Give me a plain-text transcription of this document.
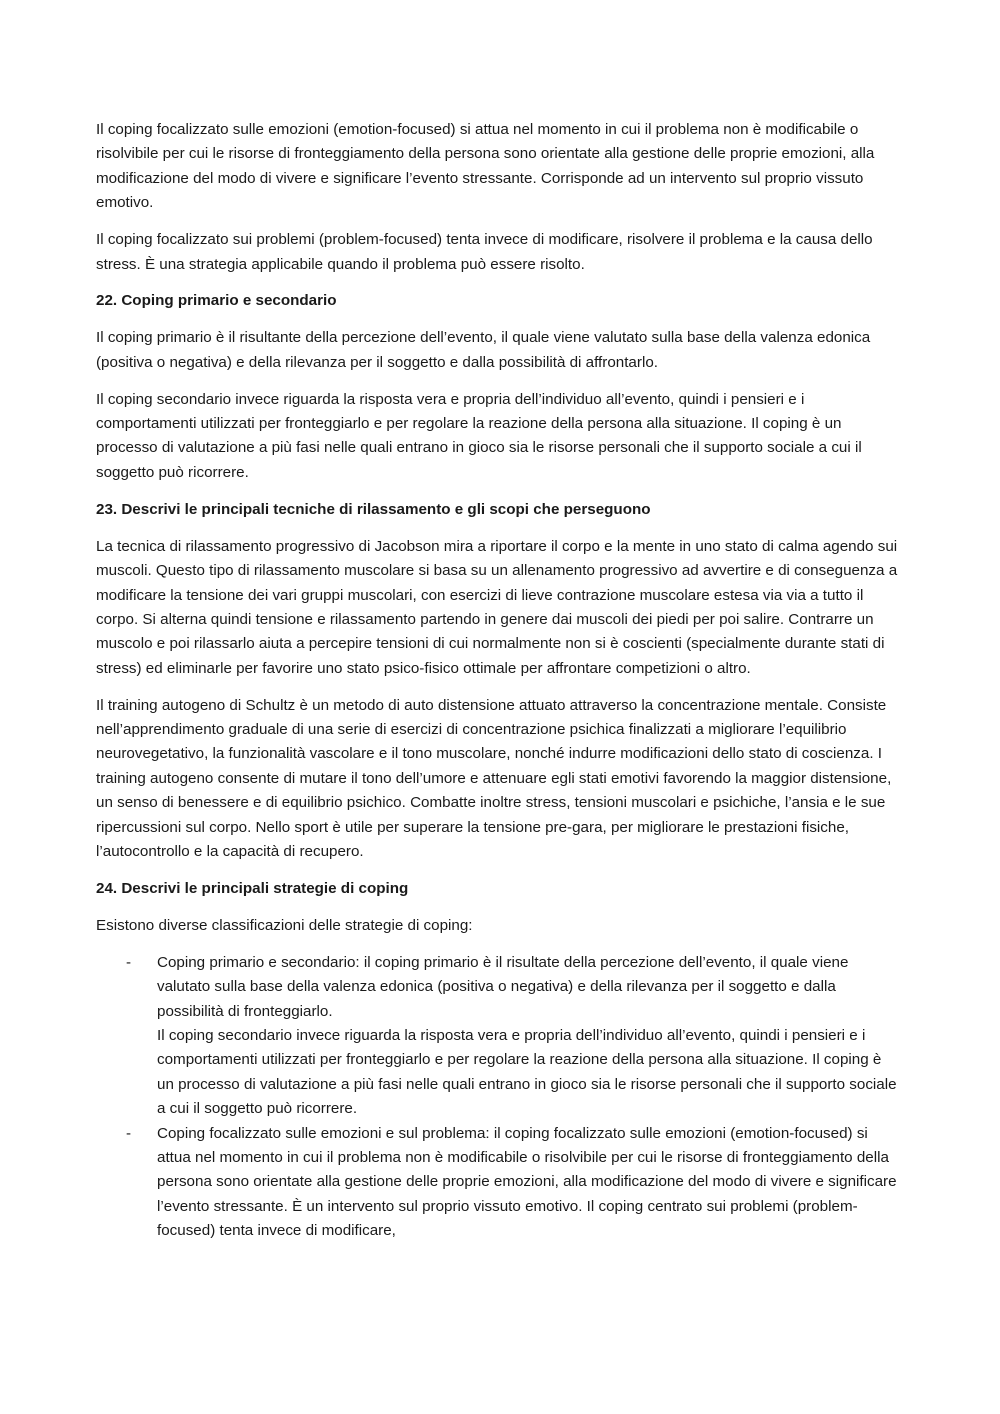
Il coping focalizzato sulle emozioni (emotion-focused) si attua nel momento in cui il problema non è modificabile o risolvibile per cui le risorse di fronteggiamento della persona sono orientate alla gestione delle proprie emozioni, alla modificazione del modo di vivere e significare l’evento stressante. Corrisponde ad un intervento sul proprio vissuto emotivo.

Il coping focalizzato sui problemi (problem-focused) tenta invece di modificare, risolvere il problema e la causa dello stress. È una strategia applicabile quando il problema può essere risolto.

22. Coping primario e secondario

Il coping primario è il risultante della percezione dell’evento, il quale viene valutato sulla base della valenza edonica (positiva o negativa) e della rilevanza per il soggetto e dalla possibilità di affrontarlo.

Il coping secondario invece riguarda la risposta vera e propria dell’individuo all’evento, quindi i pensieri e i comportamenti utilizzati per fronteggiarlo e per regolare la reazione della persona alla situazione. Il coping è un processo di valutazione a più fasi nelle quali entrano in gioco sia le risorse personali che il supporto sociale a cui il soggetto può ricorrere.

23. Descrivi le principali tecniche di rilassamento e gli scopi che perseguono

La tecnica di rilassamento progressivo di Jacobson mira a riportare il corpo e la mente in uno stato di calma agendo sui muscoli. Questo tipo di rilassamento muscolare si basa su un allenamento progressivo ad avvertire e di conseguenza a modificare la tensione dei vari gruppi muscolari, con esercizi di lieve contrazione muscolare estesa via via a tutto il corpo. Si alterna quindi tensione e rilassamento partendo in genere dai muscoli dei piedi per poi salire. Contrarre un muscolo e poi rilassarlo aiuta a percepire tensioni di cui normalmente non si è coscienti (specialmente durante stati di stress) ed eliminarle per favorire uno stato psico-fisico ottimale per affrontare competizioni o altro.

Il training autogeno di Schultz è un metodo di auto distensione attuato attraverso la concentrazione mentale. Consiste nell’apprendimento graduale di una serie di esercizi di concentrazione psichica finalizzati a migliorare l’equilibrio neurovegetativo, la funzionalità vascolare e il tono muscolare, nonché indurre modificazioni dello stato di coscienza. I training autogeno consente di mutare il tono dell’umore e attenuare egli stati emotivi favorendo la maggior distensione, un senso di benessere e di equilibrio psichico. Combatte inoltre stress, tensioni muscolari e psichiche, l’ansia e le sue ripercussioni sul corpo. Nello sport è utile per superare la tensione pre-gara, per migliorare le prestazioni fisiche, l’autocontrollo e la capacità di recupero.

24. Descrivi le principali strategie di coping

Esistono diverse classificazioni delle strategie di coping:

- Coping primario e secondario: il coping primario è il risultate della percezione dell’evento, il quale viene valutato sulla base della valenza edonica (positiva o negativa) e della rilevanza per il soggetto e dalla possibilità di fronteggiarlo.

Il coping secondario invece riguarda la risposta vera e propria dell’individuo all’evento, quindi i pensieri e i comportamenti utilizzati per fronteggiarlo e per regolare la reazione della persona alla situazione. Il coping è un processo di valutazione a più fasi nelle quali entrano in gioco sia le risorse personali che il supporto sociale a cui il soggetto può ricorrere.

- Coping focalizzato sulle emozioni e sul problema: il coping focalizzato sulle emozioni (emotion-focused) si attua nel momento in cui il problema non è modificabile o risolvibile per cui le risorse di fronteggiamento della persona sono orientate alla gestione delle proprie emozioni, alla modificazione del modo di vivere e significare l’evento stressante. È un intervento sul proprio vissuto emotivo. Il coping centrato sui problemi (problem-focused) tenta invece di modificare,
